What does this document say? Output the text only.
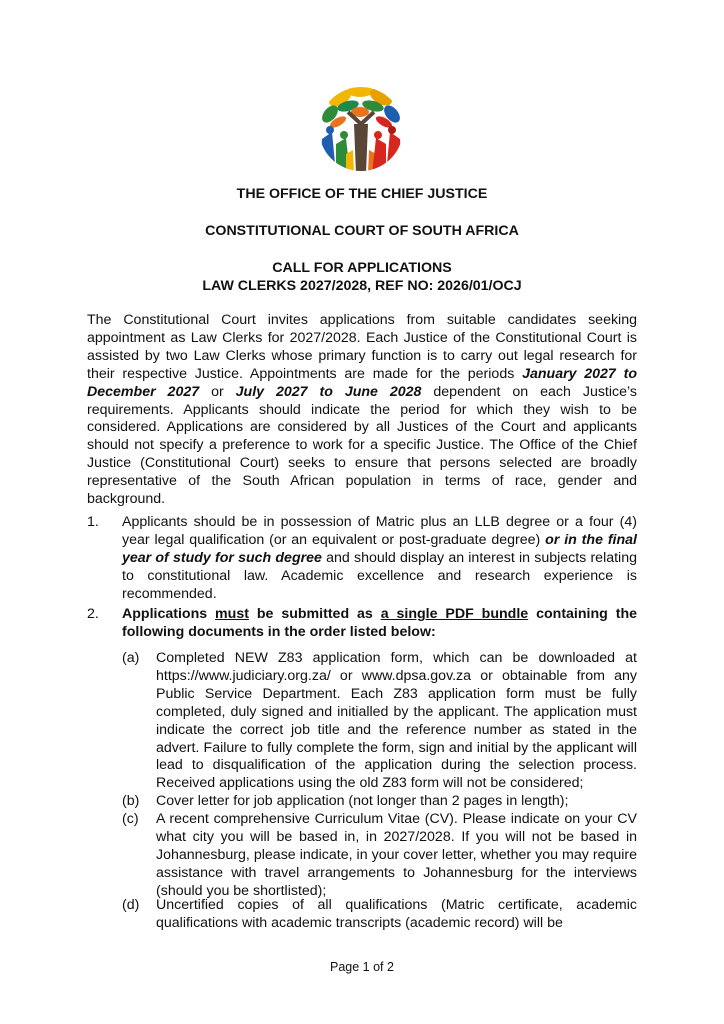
THE OFFICE OF THE CHIEF JUSTICE
CONSTITUTIONAL COURT OF SOUTH AFRICA
CALL FOR APPLICATIONS
LAW CLERKS 2027/2028, REF NO: 2026/01/OCJ

The Constitutional Court invites applications from suitable candidates seeking appointment as Law Clerks for 2027/2028. Each Justice of the Constitutional Court is assisted by two Law Clerks whose primary function is to carry out legal research for their respective Justice. Appointments are made for the periods January 2027 to December 2027 or July 2027 to June 2028 dependent on each Justice’s requirements. Applicants should indicate the period for which they wish to be considered. Applications are considered by all Justices of the Court and applicants should not specify a preference to work for a specific Justice. The Office of the Chief Justice (Constitutional Court) seeks to ensure that persons selected are broadly representative of the South African population in terms of race, gender and background.

1. Applicants should be in possession of Matric plus an LLB degree or a four (4) year legal qualification (or an equivalent or post-graduate degree) or in the final year of study for such degree and should display an interest in subjects relating to constitutional law. Academic excellence and research experience is recommended.
2. Applications must be submitted as a single PDF bundle containing the following documents in the order listed below:
(a) Completed NEW Z83 application form, which can be downloaded at https://www.judiciary.org.za/ or www.dpsa.gov.za or obtainable from any Public Service Department. Each Z83 application form must be fully completed, duly signed and initialled by the applicant. The application must indicate the correct job title and the reference number as stated in the advert. Failure to fully complete the form, sign and initial by the applicant will lead to disqualification of the application during the selection process. Received applications using the old Z83 form will not be considered;
(b) Cover letter for job application (not longer than 2 pages in length);
(c) A recent comprehensive Curriculum Vitae (CV). Please indicate on your CV what city you will be based in, in 2027/2028. If you will not be based in Johannesburg, please indicate, in your cover letter, whether you may require assistance with travel arrangements to Johannesburg for the interviews (should you be shortlisted);
(d) Uncertified copies of all qualifications (Matric certificate, academic qualifications with academic transcripts (academic record) will be
Page 1 of 2
